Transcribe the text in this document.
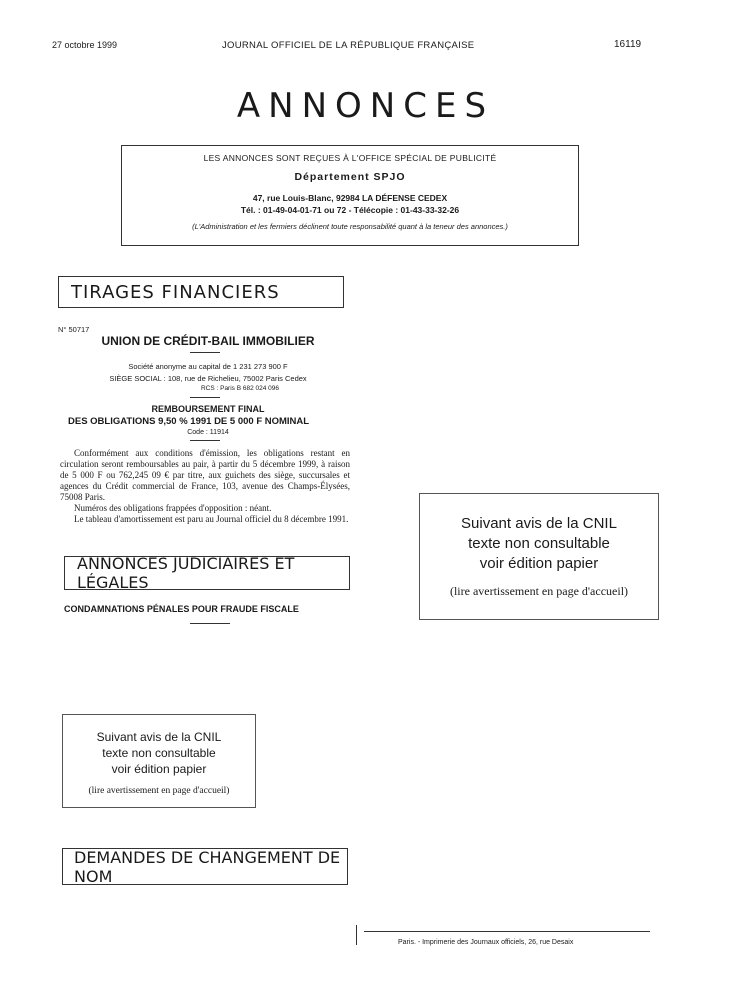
27 octobre 1999	JOURNAL OFFICIEL DE LA RÉPUBLIQUE FRANÇAISE	16119
ANNONCES
LES ANNONCES SONT REÇUES À L'OFFICE SPÉCIAL DE PUBLICITÉ
Département SPJO
47, rue Louis-Blanc, 92984 LA DÉFENSE CEDEX
Tél. : 01-49-04-01-71 ou 72 - Télécopie : 01-43-33-32-26
(L'Administration et les fermiers déclinent toute responsabilité quant à la teneur des annonces.)
TIRAGES FINANCIERS
N° 50717
UNION DE CRÉDIT-BAIL IMMOBILIER
Société anonyme au capital de 1 231 273 900 F
SIÈGE SOCIAL : 108, rue de Richelieu, 75002 Paris Cedex
RCS : Paris B 682 024 096
REMBOURSEMENT FINAL
DES OBLIGATIONS 9,50 % 1991 DE 5 000 F NOMINAL
Code : 11914
Conformément aux conditions d'émission, les obligations restant en circulation seront remboursables au pair, à partir du 5 décembre 1999, à raison de 5 000 F ou 762,245 09 € par titre, aux guichets des siège, succursales et agences du Crédit commercial de France, 103, avenue des Champs-Élysées, 75008 Paris.
Numéros des obligations frappées d'opposition : néant.
Le tableau d'amortissement est paru au Journal officiel du 8 décembre 1991.
ANNONCES JUDICIAIRES ET LÉGALES
CONDAMNATIONS PÉNALES POUR FRAUDE FISCALE
Suivant avis de la CNIL
texte non consultable
voir édition papier
(lire avertissement en page d'accueil)
Suivant avis de la CNIL
texte non consultable
voir édition papier
(lire avertissement en page d'accueil)
DEMANDES DE CHANGEMENT DE NOM
Paris. - Imprimerie des Journaux officiels, 26, rue Desaix
